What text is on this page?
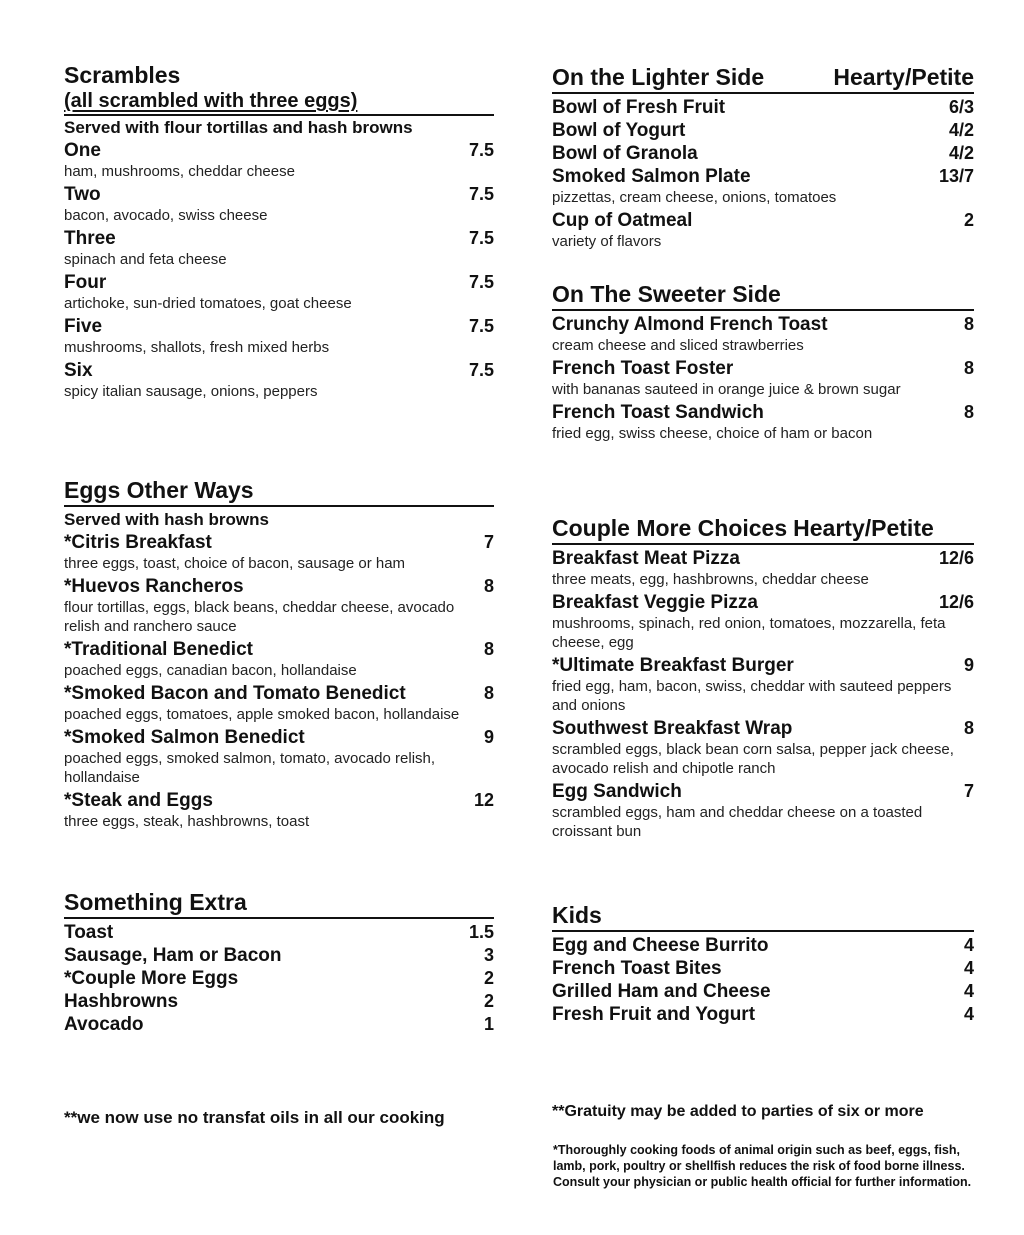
Scrambles
(all scrambled with three eggs)
Served with flour tortillas and hash browns
One	7.5
ham, mushrooms, cheddar cheese
Two	7.5
bacon, avocado, swiss cheese
Three	7.5
spinach and feta cheese
Four	7.5
artichoke, sun-dried tomatoes, goat cheese
Five	7.5
mushrooms, shallots, fresh mixed herbs
Six	7.5
spicy italian sausage, onions, peppers
On the Lighter Side	Hearty/Petite
Bowl of Fresh Fruit	6/3
Bowl of Yogurt	4/2
Bowl of Granola	4/2
Smoked Salmon Plate	13/7
pizzettas, cream cheese, onions, tomatoes
Cup of Oatmeal	2
variety of flavors
On The Sweeter Side
Crunchy Almond French Toast	8
cream cheese and sliced strawberries
French Toast Foster	8
with bananas sauteed in orange juice & brown sugar
French Toast Sandwich	8
fried egg, swiss cheese, choice of ham or bacon
Eggs Other Ways
Served with hash browns
*Citris Breakfast	7
three eggs, toast, choice of bacon, sausage or ham
*Huevos Rancheros	8
flour tortillas, eggs, black beans, cheddar cheese, avocado relish and ranchero sauce
*Traditional Benedict	8
poached eggs, canadian bacon, hollandaise
*Smoked Bacon and Tomato Benedict	8
poached eggs, tomatoes, apple smoked bacon, hollandaise
*Smoked Salmon Benedict	9
poached eggs, smoked salmon, tomato, avocado relish, hollandaise
*Steak and Eggs	12
three eggs, steak, hashbrowns, toast
Couple More Choices Hearty/Petite
Breakfast Meat Pizza	12/6
three meats, egg, hashbrowns, cheddar cheese
Breakfast Veggie Pizza	12/6
mushrooms, spinach, red onion, tomatoes, mozzarella, feta cheese, egg
*Ultimate Breakfast Burger	9
fried egg, ham, bacon, swiss, cheddar with sauteed peppers and onions
Southwest Breakfast Wrap	8
scrambled eggs, black bean corn salsa, pepper jack cheese, avocado relish and chipotle ranch
Egg Sandwich	7
scrambled eggs, ham and cheddar cheese on a toasted croissant bun
Something Extra
Toast	1.5
Sausage, Ham or Bacon	3
*Couple More Eggs	2
Hashbrowns	2
Avocado	1
Kids
Egg and Cheese Burrito	4
French Toast Bites	4
Grilled Ham and Cheese	4
Fresh Fruit and Yogurt	4
**we now use no transfat oils in all our cooking	**Gratuity may be added to parties of six or more
*Thoroughly cooking foods of animal origin such as beef, eggs, fish, lamb, pork, poultry or shellfish reduces the risk of food borne illness. Consult your physician or public health official for further information.
